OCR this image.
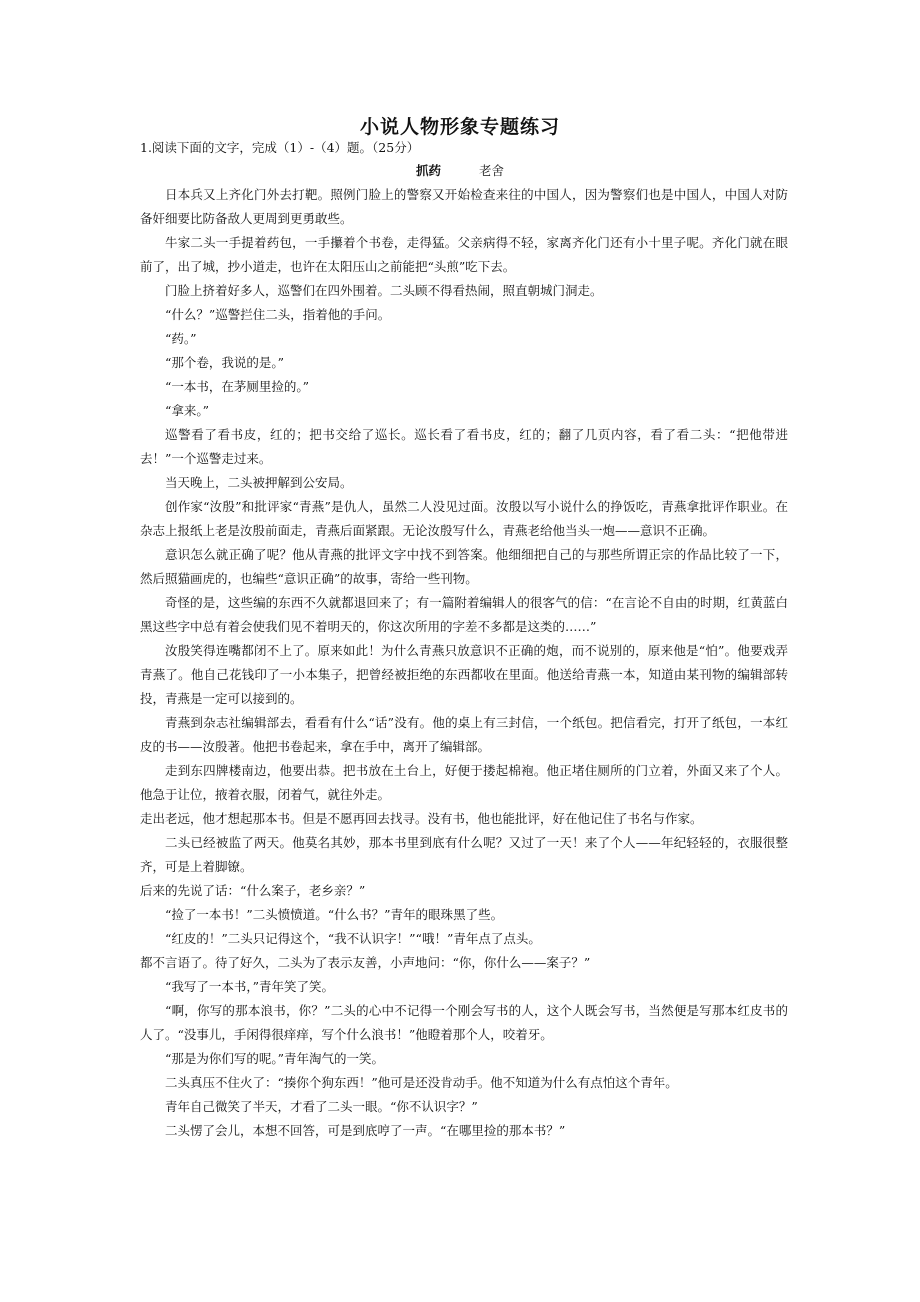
小说人物形象专题练习
1.阅读下面的文字，完成（1）-（4）题。（25分）
抓药	老舍

日本兵又上齐化门外去打靶。照例门脸上的警察又开始检查来往的中国人，因为警察们也是中国人，中国人对防备奸细要比防备敌人更周到更勇敢些。

牛家二头一手提着药包，一手攥着个书卷，走得猛。父亲病得不轻，家离齐化门还有小十里子呢。齐化门就在眼前了，出了城，抄小道走，也许在太阳压山之前能把“头煎”吃下去。

门脸上挤着好多人，巡警们在四外围着。二头顾不得看热闹，照直朝城门洞走。

“什么？”巡警拦住二头，指着他的手问。

“药。”

“那个卷，我说的是。”

“一本书，在茅厕里捡的。”

“拿来。”

巡警看了看书皮，红的；把书交给了巡长。巡长看了看书皮，红的；翻了几页内容，看了看二头：“把他带进去！”一个巡警走过来。

当天晚上，二头被押解到公安局。

创作家“汝殷”和批评家“青燕”是仇人，虽然二人没见过面。汝殷以写小说什么的挣饭吃，青燕拿批评作职业。在杂志上报纸上老是汝殷前面走，青燕后面紧跟。无论汝殷写什么，青燕老给他当头一炮——意识不正确。

意识怎么就正确了呢？他从青燕的批评文字中找不到答案。他细细把自己的与那些所谓正宗的作品比较了一下，然后照猫画虎的，也编些“意识正确”的故事，寄给一些刊物。

奇怪的是，这些编的东西不久就都退回来了；有一篇附着编辑人的很客气的信：“在言论不自由的时期，红黄蓝白黑这些字中总有着会使我们见不着明天的，你这次所用的字差不多都是这类的……”

汝殷笑得连嘴都闭不上了。原来如此！为什么青燕只放意识不正确的炮，而不说别的，原来他是“怕”。他要戏弄青燕了。他自己花钱印了一小本集子，把曾经被拒绝的东西都收在里面。他送给青燕一本，知道由某刊物的编辑部转投，青燕是一定可以接到的。

青燕到杂志社编辑部去，看看有什么“话”没有。他的桌上有三封信，一个纸包。把信看完，打开了纸包，一本红皮的书——汝殷著。他把书卷起来，拿在手中，离开了编辑部。

走到东四牌楼南边，他要出恭。把书放在土台上，好便于搂起棉袍。他正堵住厕所的门立着，外面又来了个人。他急于让位，掖着衣服，闭着气，就往外走。

走出老远，他才想起那本书。但是不愿再回去找寻。没有书，他也能批评，好在他记住了书名与作家。

二头已经被监了两天。他莫名其妙，那本书里到底有什么呢？又过了一天！来了个人——年纪轻轻的，衣服很整齐，可是上着脚镣。

后来的先说了话：“什么案子，老乡亲？”

“捡了一本书！”二头愤愤道。“什么书？”青年的眼珠黑了些。

“红皮的！”二头只记得这个，“我不认识字！”“哦！”青年点了点头。

都不言语了。待了好久，二头为了表示友善，小声地问：“你，你什么——案子？”

“我写了一本书，”青年笑了笑。

“啊，你写的那本浪书，你？”二头的心中不记得一个刚会写书的人，这个人既会写书，当然便是写那本红皮书的人了。“没事儿，手闲得很痒痒，写个什么浪书！”他瞪着那个人，咬着牙。

“那是为你们写的呢。”青年淘气的一笑。

二头真压不住火了：“揍你个狗东西！”他可是还没肯动手。他不知道为什么有点怕这个青年。

青年自己微笑了半天，才看了二头一眼。“你不认识字？”

二头愣了会儿，本想不回答，可是到底哼了一声。“在哪里捡的那本书？”
